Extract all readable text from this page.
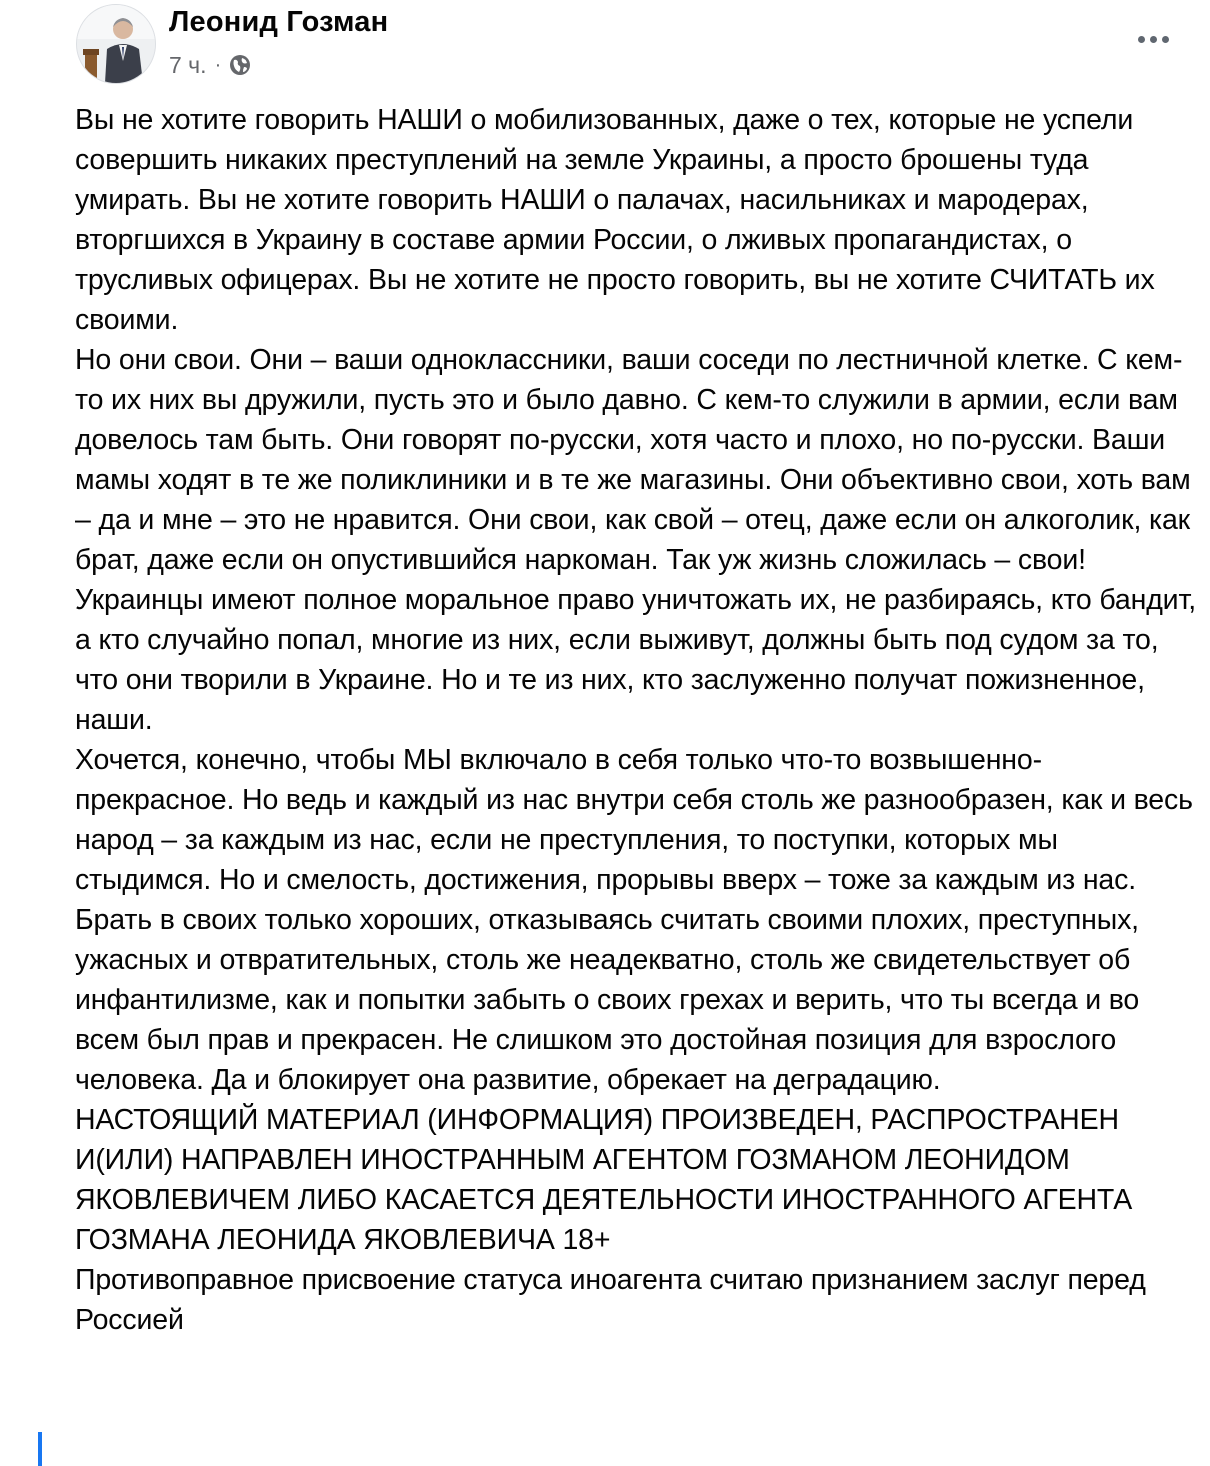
Леонид Гозман
7 ч. ·

Вы не хотите говорить НАШИ о мобилизованных, даже о тех, которые не успели совершить никаких преступлений на земле Украины, а просто брошены туда умирать. Вы не хотите говорить НАШИ о палачах, насильниках и мародерах, вторгшихся в Украину в составе армии России, о лживых пропагандистах, о трусливых офицерах. Вы не хотите не просто говорить, вы не хотите СЧИТАТЬ их своими.

Но они свои. Они – ваши одноклассники, ваши соседи по лестничной клетке. С кем-то их них вы дружили, пусть это и было давно. С кем-то служили в армии, если вам довелось там быть. Они говорят по-русски, хотя часто и плохо, но по-русски. Ваши мамы ходят в те же поликлиники и в те же магазины. Они объективно свои, хоть вам – да и мне – это не нравится. Они свои, как свой – отец, даже если он алкоголик, как брат, даже если он опустившийся наркоман. Так уж жизнь сложилась – свои!

Украинцы имеют полное моральное право уничтожать их, не разбираясь, кто бандит, а кто случайно попал, многие из них, если выживут, должны быть под судом за то, что они творили в Украине. Но и те из них, кто заслуженно получат пожизненное, наши.

Хочется, конечно, чтобы МЫ включало в себя только что-то возвышенно-прекрасное. Но ведь и каждый из нас внутри себя столь же разнообразен, как и весь народ – за каждым из нас, если не преступления, то поступки, которых мы стыдимся. Но и смелость, достижения, прорывы вверх – тоже за каждым из нас.

Брать в своих только хороших, отказываясь считать своими плохих, преступных, ужасных и отвратительных, столь же неадекватно, столь же свидетельствует об инфантилизме, как и попытки забыть о своих грехах и верить, что ты всегда и во всем был прав и прекрасен. Не слишком это достойная позиция для взрослого человека. Да и блокирует она развитие, обрекает на деградацию.

НАСТОЯЩИЙ МАТЕРИАЛ (ИНФОРМАЦИЯ) ПРОИЗВЕДЕН, РАСПРОСТРАНЕН И(ИЛИ) НАПРАВЛЕН ИНОСТРАННЫМ АГЕНТОМ ГОЗМАНОМ ЛЕОНИДОМ ЯКОВЛЕВИЧЕМ ЛИБО КАСАЕТСЯ ДЕЯТЕЛЬНОСТИ ИНОСТРАННОГО АГЕНТА ГОЗМАНА ЛЕОНИДА ЯКОВЛЕВИЧА 18+

Противоправное присвоение статуса иноагента считаю признанием заслуг перед Россией
